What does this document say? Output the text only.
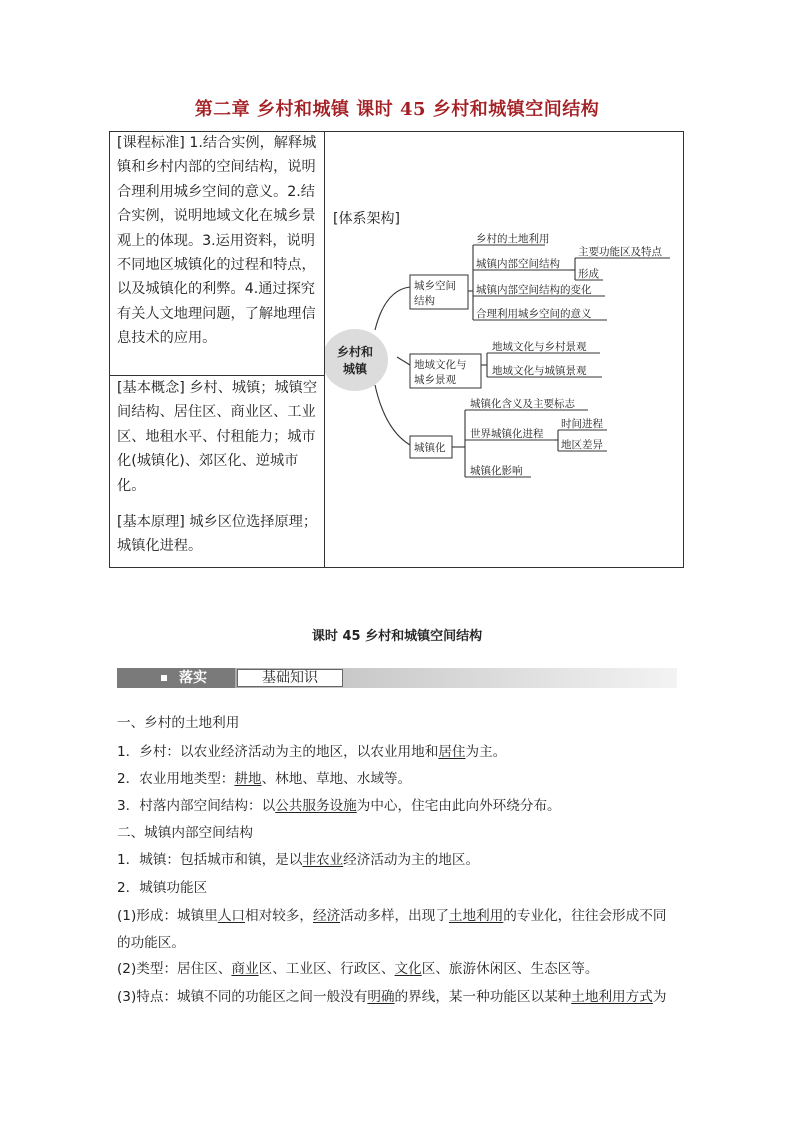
第二章 乡村和城镇 课时 45 乡村和城镇空间结构
[课程标准] 1.结合实例，解释城镇和乡村内部的空间结构，说明合理利用城乡空间的意义。2.结合实例，说明地域文化在城乡景观上的体现。3.运用资料，说明不同地区城镇化的过程和特点，以及城镇化的利弊。4.通过探究有关人文地理问题，了解地理信息技术的应用。
[基本概念] 乡村、城镇；城镇空间结构、居住区、商业区、工业区、地租水平、付租能力；城市化(城镇化)、郊区化、逆城市化。
[基本原理] 城乡区位选择原理；城镇化进程。
[体系架构]
乡村和
城镇
城乡空间
结构
地域文化与
城乡景观
城镇化
乡村的土地利用
城镇内部空间结构
主要功能区及特点
形成
城镇内部空间结构的变化
合理利用城乡空间的意义
地域文化与乡村景观
地域文化与城镇景观
城镇化含义及主要标志
世界城镇化进程
时间进程
地区差异
城镇化影响
课时 45 乡村和城镇空间结构
落实	基础知识

一、乡村的土地利用

1．乡村：以农业经济活动为主的地区，以农业用地和居住为主。

2．农业用地类型：耕地、林地、草地、水域等。

3．村落内部空间结构：以公共服务设施为中心，住宅由此向外环绕分布。

二、城镇内部空间结构

1．城镇：包括城市和镇，是以非农业经济活动为主的地区。

2．城镇功能区

(1)形成：城镇里人口相对较多，经济活动多样，出现了土地利用的专业化，往往会形成不同

的功能区。

(2)类型：居住区、商业区、工业区、行政区、文化区、旅游休闲区、生态区等。

(3)特点：城镇不同的功能区之间一般没有明确的界线，某一种功能区以某种土地利用方式为
